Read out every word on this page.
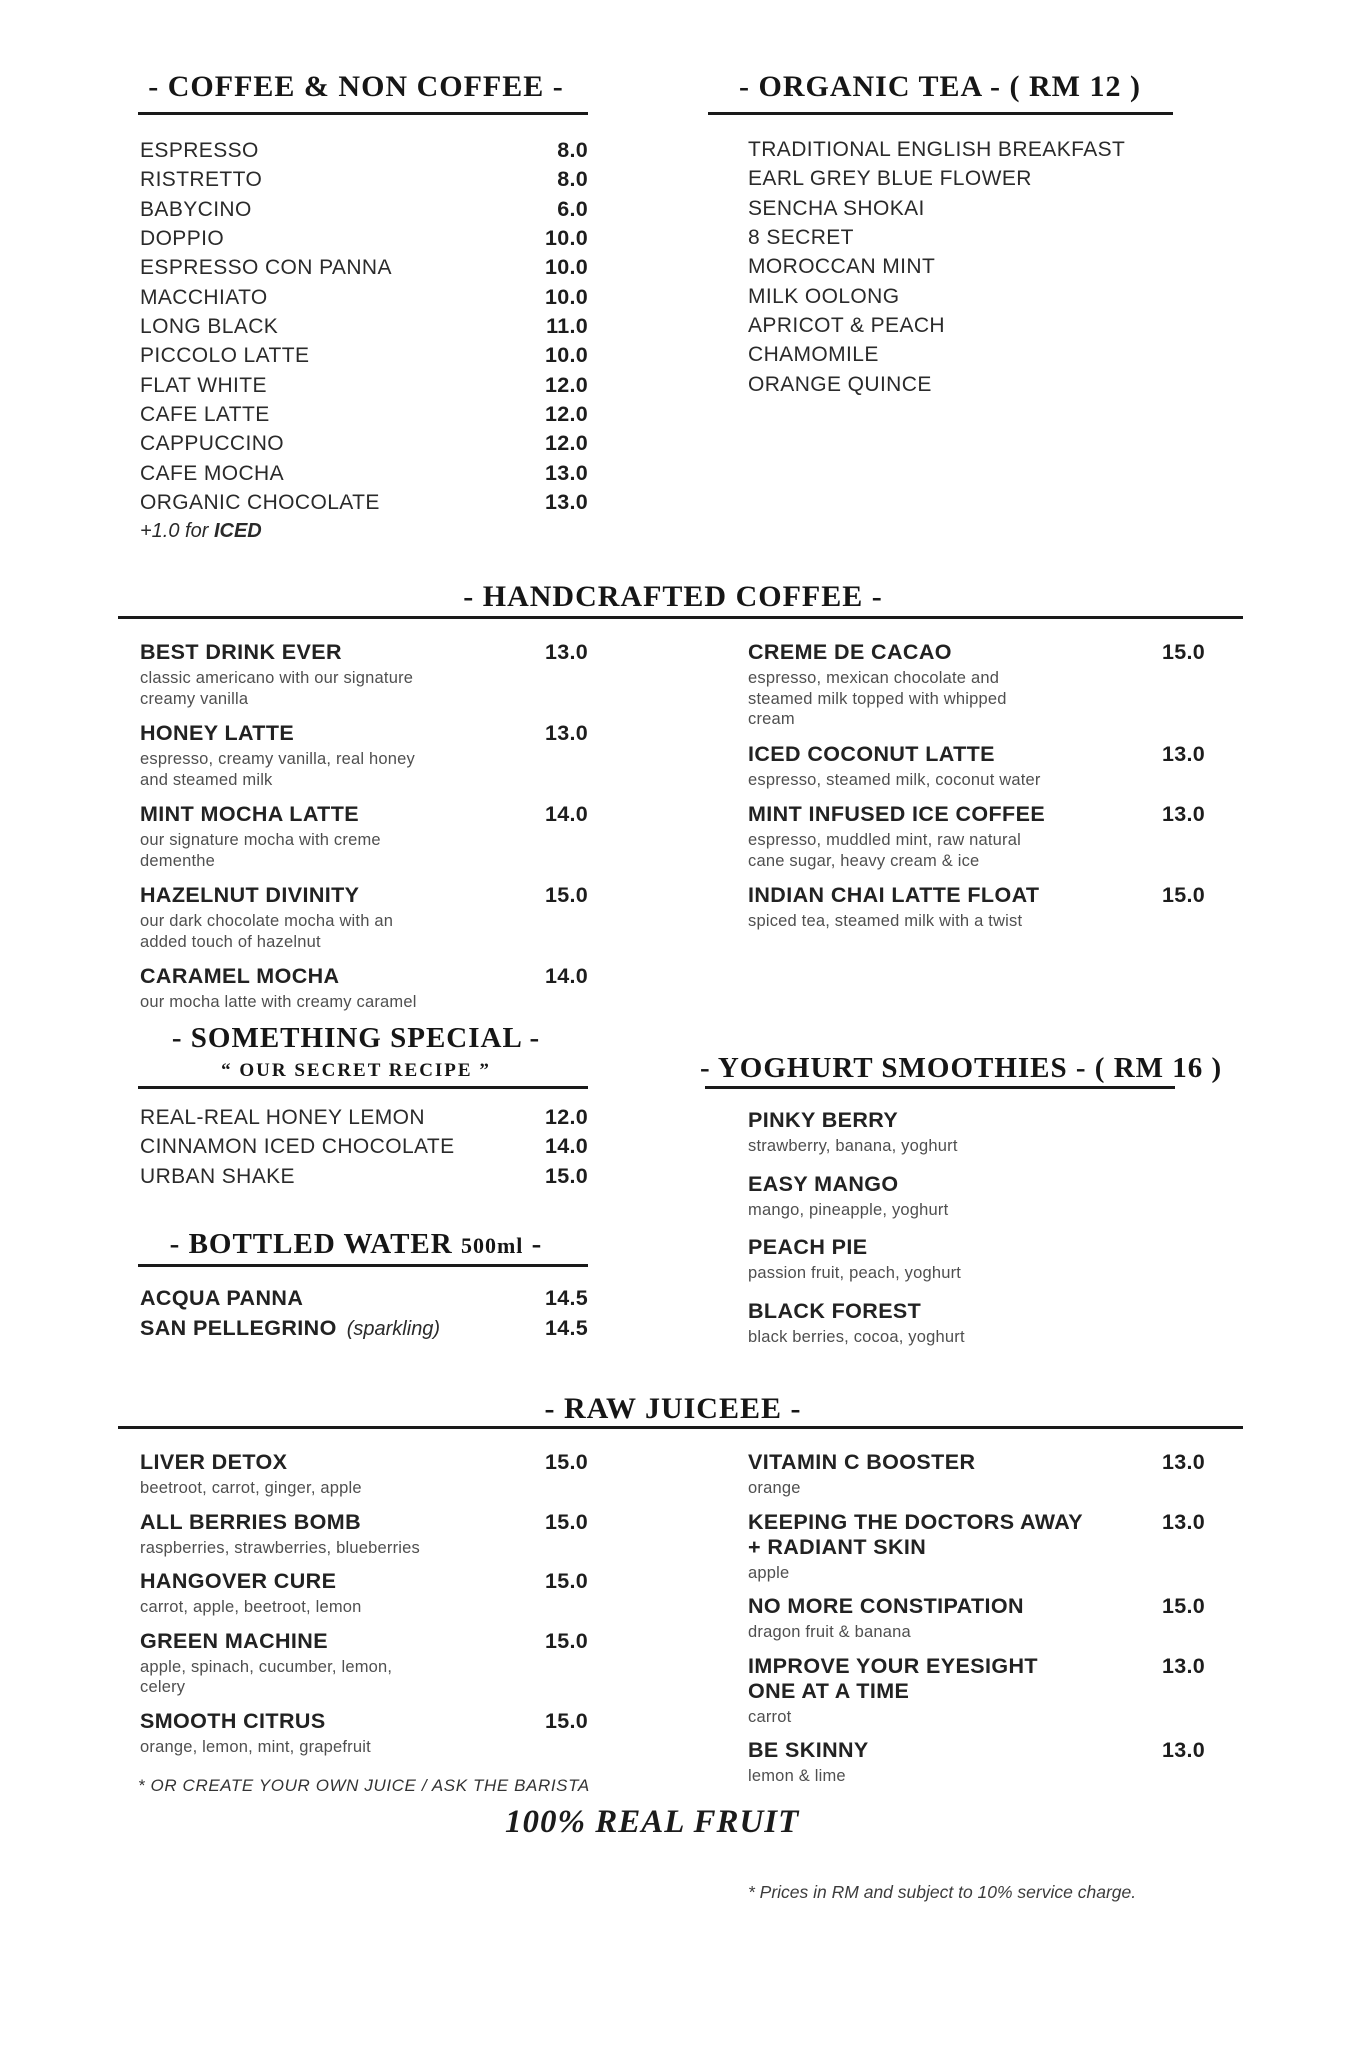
- COFFEE & NON COFFEE -
ESPRESSO	8.0
RISTRETTO	8.0
BABYCINO	6.0
DOPPIO	10.0
ESPRESSO CON PANNA	10.0
MACCHIATO	10.0
LONG BLACK	11.0
PICCOLO LATTE	10.0
FLAT WHITE	12.0
CAFE LATTE	12.0
CAPPUCCINO	12.0
CAFE MOCHA	13.0
ORGANIC CHOCOLATE	13.0
+1.0 for ICED
- ORGANIC TEA - ( RM 12 )
TRADITIONAL ENGLISH BREAKFAST
EARL GREY BLUE FLOWER
SENCHA SHOKAI
8 SECRET
MOROCCAN MINT
MILK OOLONG
APRICOT & PEACH
CHAMOMILE
ORANGE QUINCE
- HANDCRAFTED COFFEE -
BEST DRINK EVER	13.0
classic americano with our signature creamy vanilla
HONEY LATTE	13.0
espresso, creamy vanilla, real honey and steamed milk
MINT MOCHA LATTE	14.0
our signature mocha with creme dementhe
HAZELNUT DIVINITY	15.0
our dark chocolate mocha with an added touch of hazelnut
CARAMEL MOCHA	14.0
our mocha latte with creamy caramel
CREME DE CACAO	15.0
espresso, mexican chocolate and steamed milk topped with whipped cream
ICED COCONUT LATTE	13.0
espresso, steamed milk, coconut water
MINT INFUSED ICE COFFEE	13.0
espresso, muddled mint, raw natural cane sugar, heavy cream & ice
INDIAN CHAI LATTE FLOAT	15.0
spiced tea, steamed milk with a twist
- SOMETHING SPECIAL -
“ OUR SECRET RECIPE ”
REAL-REAL HONEY LEMON	12.0
CINNAMON ICED CHOCOLATE	14.0
URBAN SHAKE	15.0
- YOGHURT SMOOTHIES - ( RM 16 )
PINKY BERRY
strawberry, banana, yoghurt
EASY MANGO
mango, pineapple, yoghurt
PEACH PIE
passion fruit, peach, yoghurt
BLACK FOREST
black berries, cocoa, yoghurt
- BOTTLED WATER 500ml -
ACQUA PANNA	14.5
SAN PELLEGRINO (sparkling)	14.5
- RAW JUICEEE -
LIVER DETOX	15.0
beetroot, carrot, ginger, apple
ALL BERRIES BOMB	15.0
raspberries, strawberries, blueberries
HANGOVER CURE	15.0
carrot, apple, beetroot, lemon
GREEN MACHINE	15.0
apple, spinach, cucumber, lemon, celery
SMOOTH CITRUS	15.0
orange, lemon, mint, grapefruit
VITAMIN C BOOSTER	13.0
orange
KEEPING THE DOCTORS AWAY
+ RADIANT SKIN
13.0
apple
NO MORE CONSTIPATION	15.0
dragon fruit & banana
IMPROVE YOUR EYESIGHT
ONE AT A TIME
13.0
carrot
BE SKINNY	13.0
lemon & lime
* OR CREATE YOUR OWN JUICE / ASK THE BARISTA
100% REAL FRUIT
* Prices in RM and subject to 10% service charge.
